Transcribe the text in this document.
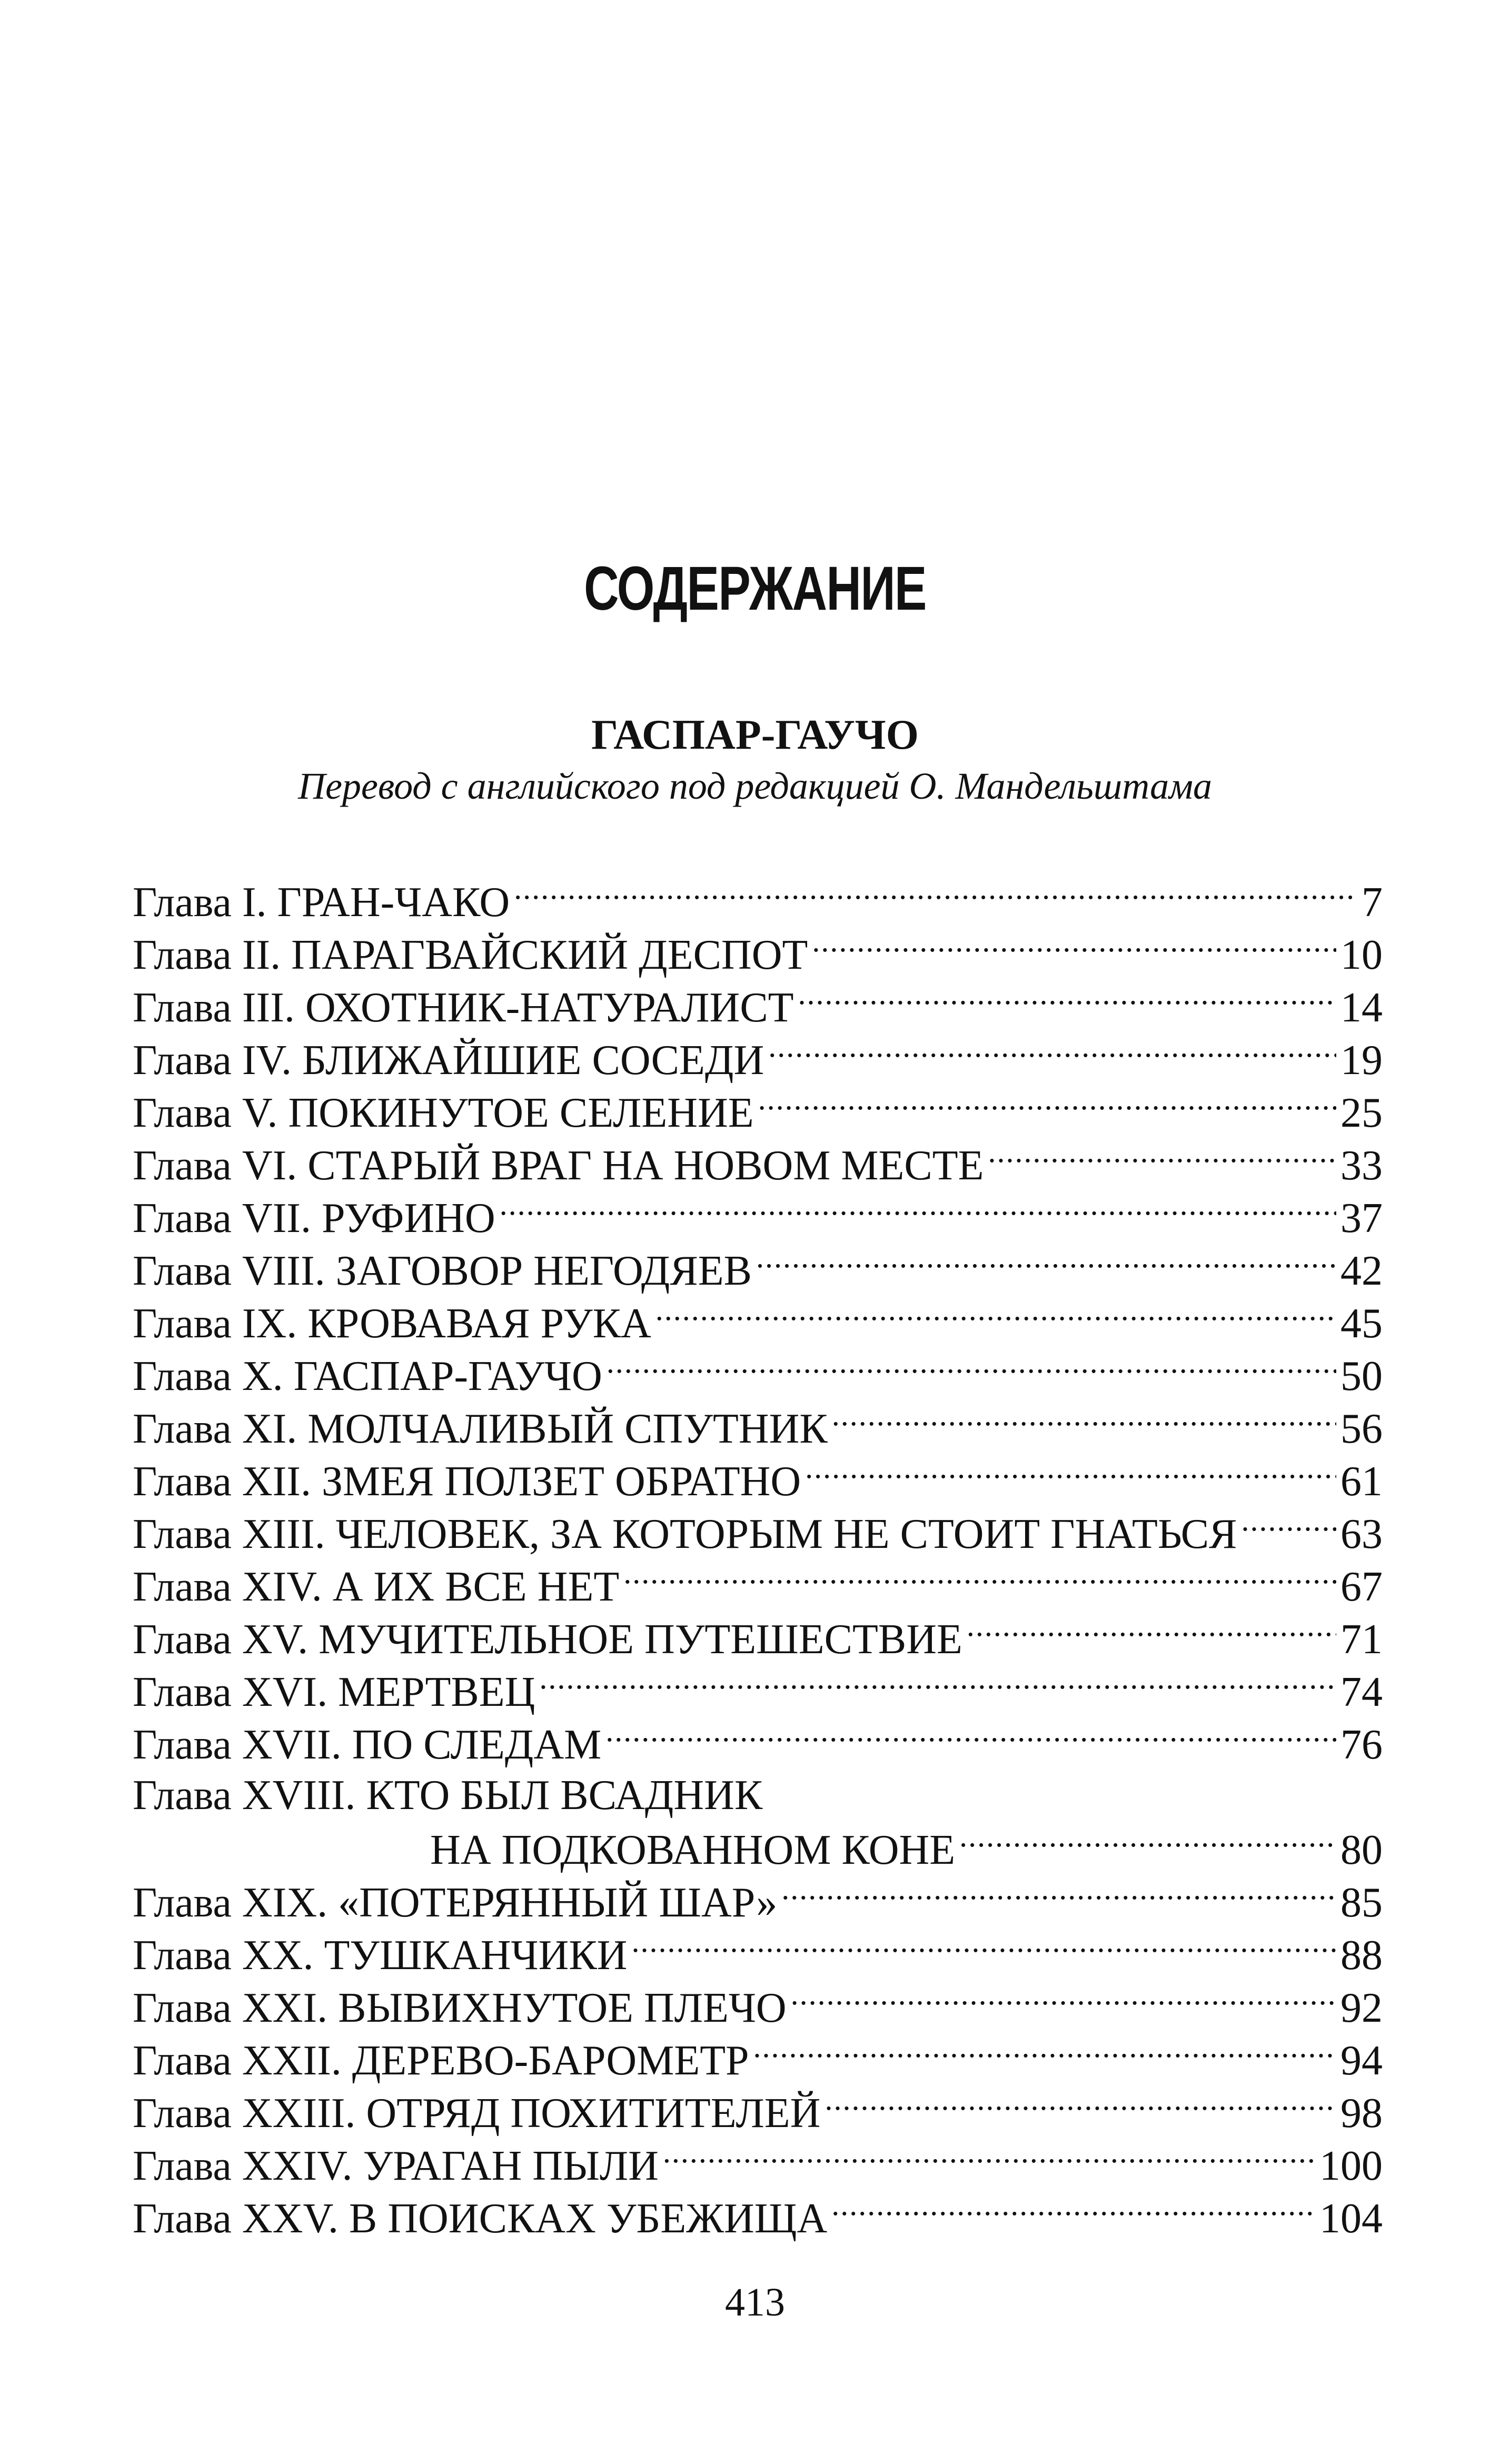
СОДЕРЖАНИЕ
ГАСПАР-ГАУЧО
Перевод с английского под редакцией О. Мандельштама
Глава I. ГРАН-ЧАКО .....	7
Глава II. ПАРАГВАЙСКИЙ ДЕСПОТ .....	10
Глава III. ОХОТНИК-НАТУРАЛИСТ .....	14
Глава IV. БЛИЖАЙШИЕ СОСЕДИ .....	19
Глава V. ПОКИНУТОЕ СЕЛЕНИЕ .....	25
Глава VI. СТАРЫЙ ВРАГ НА НОВОМ МЕСТЕ .....	33
Глава VII. РУФИНО .....	37
Глава VIII. ЗАГОВОР НЕГОДЯЕВ .....	42
Глава IX. КРОВАВАЯ РУКА .....	45
Глава X. ГАСПАР-ГАУЧО .....	50
Глава XI. МОЛЧАЛИВЫЙ СПУТНИК .....	56
Глава XII. ЗМЕЯ ПОЛЗЕТ ОБРАТНО .....	61
Глава XIII. ЧЕЛОВЕК, ЗА КОТОРЫМ НЕ СТОИТ ГНАТЬСЯ ..... 63
Глава XIV. А ИХ ВСЕ НЕТ .....	67
Глава XV. МУЧИТЕЛЬНОЕ ПУТЕШЕСТВИЕ .....	71
Глава XVI. МЕРТВЕЦ .....	74
Глава XVII. ПО СЛЕДАМ .....	76
Глава XVIII. КТО БЫЛ ВСАДНИК
НА ПОДКОВАННОМ КОНЕ .....	80
Глава XIX. «ПОТЕРЯННЫЙ ШАР» .....	85
Глава XX. ТУШКАНЧИКИ .....	88
Глава XXI. ВЫВИХНУТОЕ ПЛЕЧО .....	92
Глава XXII. ДЕРЕВО-БАРОМЕТР .....	94
Глава XXIII. ОТРЯД ПОХИТИТЕЛЕЙ .....	98
Глава XXIV. УРАГАН ПЫЛИ .....	100
Глава XXV. В ПОИСКАХ УБЕЖИЩА .....	104
413
